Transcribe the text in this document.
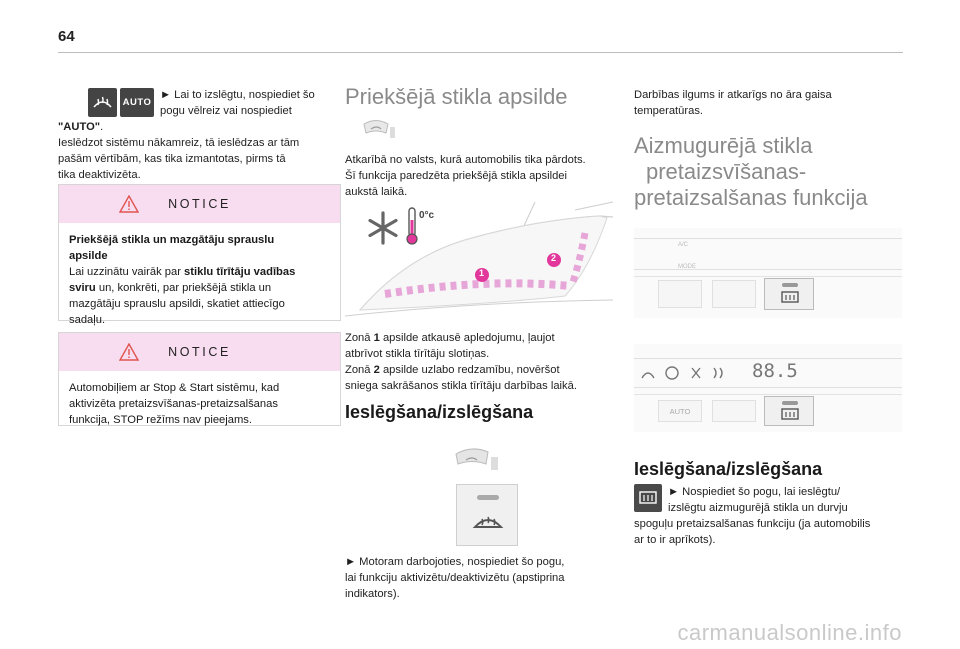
64
AUTO

► Lai to izslēgtu, nospiediet šo

pogu vēlreiz vai nospiediet

"AUTO".

Ieslēdzot sistēmu nākamreiz, tā ieslēdzas ar tām

pašām vērtībām, kas tika izmantotas, pirms tā

tika deaktivizēta.

NOTICE

Priekšējā stikla un mazgātāju sprauslu

apsilde

Lai uzzinātu vairāk par stiklu tīrītāju vadības

sviru un, konkrēti, par priekšējā stikla un

mazgātāju sprauslu apsildi, skatiet attiecīgo

sadaļu.

NOTICE

Automobiļiem ar Stop & Start sistēmu, kad

aktivizēta pretaizsvīšanas-pretaizsalšanas

funkcija, STOP režīms nav pieejams.

Priekšējā stikla apsilde

Atkarībā no valsts, kurā automobilis tika pārdots.

Šī funkcija paredzēta priekšējā stikla apsildei

aukstā laikā.

1
2
0°c

Zonā 1 apsilde atkausē apledojumu, ļaujot

atbrīvot stikla tīrītāju slotiņas.

Zonā 2 apsilde uzlabo redzamību, novēršot

sniega sakrāšanos stikla tīrītāju darbības laikā.

Ieslēgšana/izslēgšana

► Motoram darbojoties, nospiediet šo pogu,

lai funkciju aktivizētu/deaktivizētu (apstiprina

indikators).

Darbības ilgums ir atkarīgs no āra gaisa

temperatūras.

Aizmugurējā stikla

pretaizsvīšanas-

pretaizsalšanas funkcija

A/C
MODE
88.5
AUTO
Ieslēgšana/izslēgšana

► Nospiediet šo pogu, lai ieslēgtu/

izslēgtu aizmugurējā stikla un durvju

spoguļu pretaizsalšanas funkciju (ja automobilis

ar to ir aprīkots).

carmanualsonline.info
